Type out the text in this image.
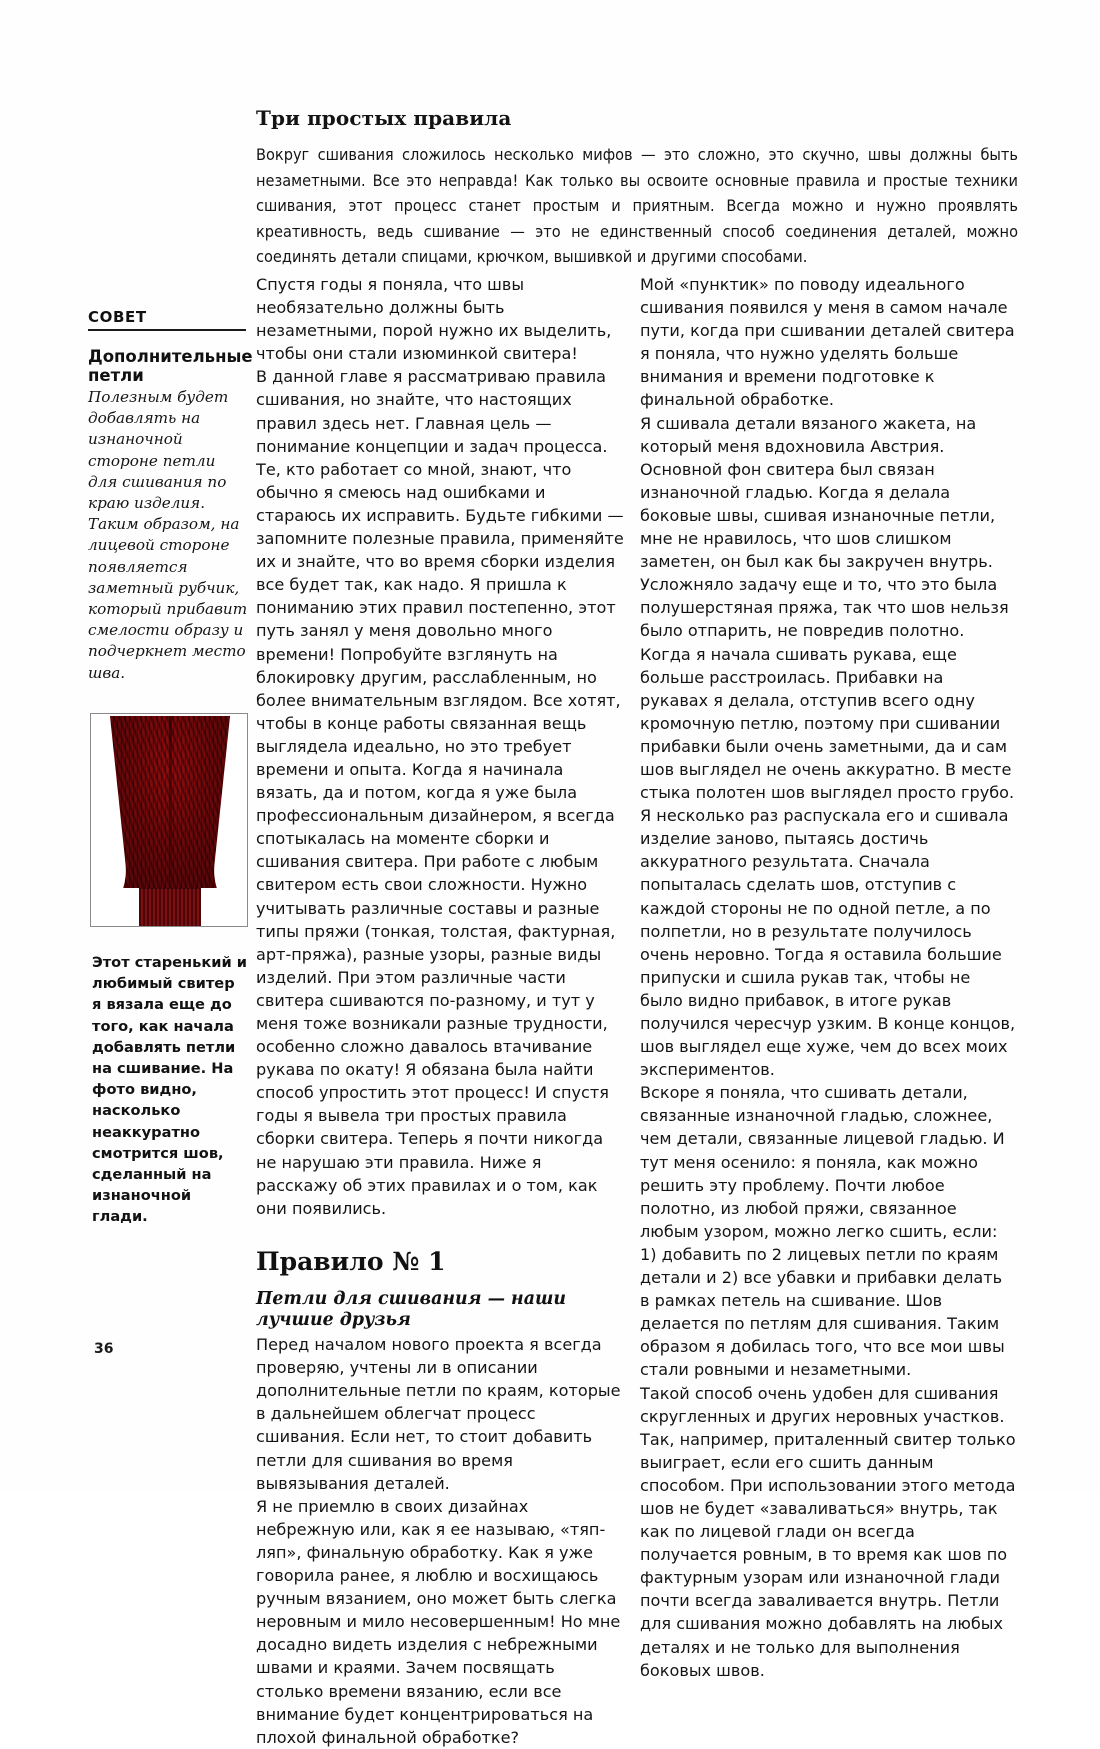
Три простых правила
Вокруг сшивания сложилось несколько мифов — это сложно, это скучно, швы должны быть незаметными. Все это неправда! Как только вы освоите основные правила и простые техники сшивания, этот процесс станет простым и приятным. Всегда можно и нужно проявлять креативность, ведь сшивание — это не единственный способ соединения деталей, можно соединять детали спицами, крючком, вышивкой и другими способами.
СОВЕТ
Дополнительные петли
Полезным будет добавлять на изнаночной стороне петли для сшивания по краю изделия. Таким образом, на лицевой стороне появляется заметный рубчик, который прибавит смелости образу и подчеркнет место шва.
Этот старенький и любимый свитер я вязала еще до того, как начала добавлять петли на сшивание. На фото видно, насколько неаккуратно смотрится шов, сделанный на изнаночной глади.

Спустя годы я поняла, что швы необязательно должны быть незаметными, порой нужно их выделить, чтобы они стали изюминкой свитера!

В данной главе я рассматриваю правила сшивания, но знайте, что настоящих правил здесь нет. Главная цель — понимание концепции и задач процесса. Те, кто работает со мной, знают, что обычно я смеюсь над ошибками и стараюсь их исправить. Будьте гибкими — запомните полезные правила, применяйте их и знайте, что во время сборки изделия все будет так, как надо. Я пришла к пониманию этих правил постепенно, этот путь занял у меня довольно много времени! Попробуйте взглянуть на блокировку другим, расслабленным, но более внимательным взглядом. Все хотят, чтобы в конце работы связанная вещь выглядела идеально, но это требует времени и опыта. Когда я начинала вязать, да и потом, когда я уже была профессиональным дизайнером, я всегда спотыкалась на моменте сборки и сшивания свитера. При работе с любым свитером есть свои сложности. Нужно учитывать различные составы и разные типы пряжи (тонкая, толстая, фактурная, арт-пряжа), разные узоры, разные виды изделий. При этом различные части свитера сшиваются по-разному, и тут у меня тоже возникали разные трудности, особенно сложно давалось втачивание рукава по окату! Я обязана была найти способ упростить этот процесс! И спустя годы я вывела три простых правила сборки свитера. Теперь я почти никогда не нарушаю эти правила. Ниже я расскажу об этих правилах и о том, как они появились.

Правило № 1
Петли для сшивания — наши лучшие друзья

Перед началом нового проекта я всегда проверяю, учтены ли в описании дополнительные петли по краям, которые в дальнейшем облегчат процесс сшивания. Если нет, то стоит добавить петли для сшивания во время вывязывания деталей.

Я не приемлю в своих дизайнах небрежную или, как я ее называю, «тяп-ляп», финальную обработку. Как я уже говорила ранее, я люблю и восхищаюсь ручным вязанием, оно может быть слегка неровным и мило несовершенным! Но мне досадно видеть изделия с небрежными швами и краями. Зачем посвящать столько времени вязанию, если все внимание будет концентрироваться на плохой финальной обработке?

Мой «пунктик» по поводу идеального сшивания появился у меня в самом начале пути, когда при сшивании деталей свитера я поняла, что нужно уделять больше внимания и времени подготовке к финальной обработке.

Я сшивала детали вязаного жакета, на который меня вдохновила Австрия. Основной фон свитера был связан изнаночной гладью. Когда я делала боковые швы, сшивая изнаночные петли, мне не нравилось, что шов слишком заметен, он был как бы закручен внутрь. Усложняло задачу еще и то, что это была полушерстяная пряжа, так что шов нельзя было отпарить, не повредив полотно.

Когда я начала сшивать рукава, еще больше расстроилась. Прибавки на рукавах я делала, отступив всего одну кромочную петлю, поэтому при сшивании прибавки были очень заметными, да и сам шов выглядел не очень аккуратно. В месте стыка полотен шов выглядел просто грубо. Я несколько раз распускала его и сшивала изделие заново, пытаясь достичь аккуратного результата. Сначала попыталась сделать шов, отступив с каждой стороны не по одной петле, а по полпетли, но в результате получилось очень неровно. Тогда я оставила большие припуски и сшила рукав так, чтобы не было видно прибавок, в итоге рукав получился чересчур узким. В конце концов, шов выглядел еще хуже, чем до всех моих экспериментов.

Вскоре я поняла, что сшивать детали, связанные изнаночной гладью, сложнее, чем детали, связанные лицевой гладью. И тут меня осенило: я поняла, как можно решить эту проблему. Почти любое полотно, из любой пряжи, связанное любым узором, можно легко сшить, если:

1) добавить по 2 лицевых петли по краям детали и 2) все убавки и прибавки делать в рамках петель на сшивание. Шов делается по петлям для сшивания. Таким образом я добилась того, что все мои швы стали ровными и незаметными.

Такой способ очень удобен для сшивания скругленных и других неровных участков. Так, например, приталенный свитер только выиграет, если его сшить данным способом. При использовании этого метода шов не будет «заваливаться» внутрь, так как по лицевой глади он всегда получается ровным, в то время как шов по фактурным узорам или изнаночной глади почти всегда заваливается внутрь. Петли для сшивания можно добавлять на любых деталях и не только для выполнения боковых швов.

36
